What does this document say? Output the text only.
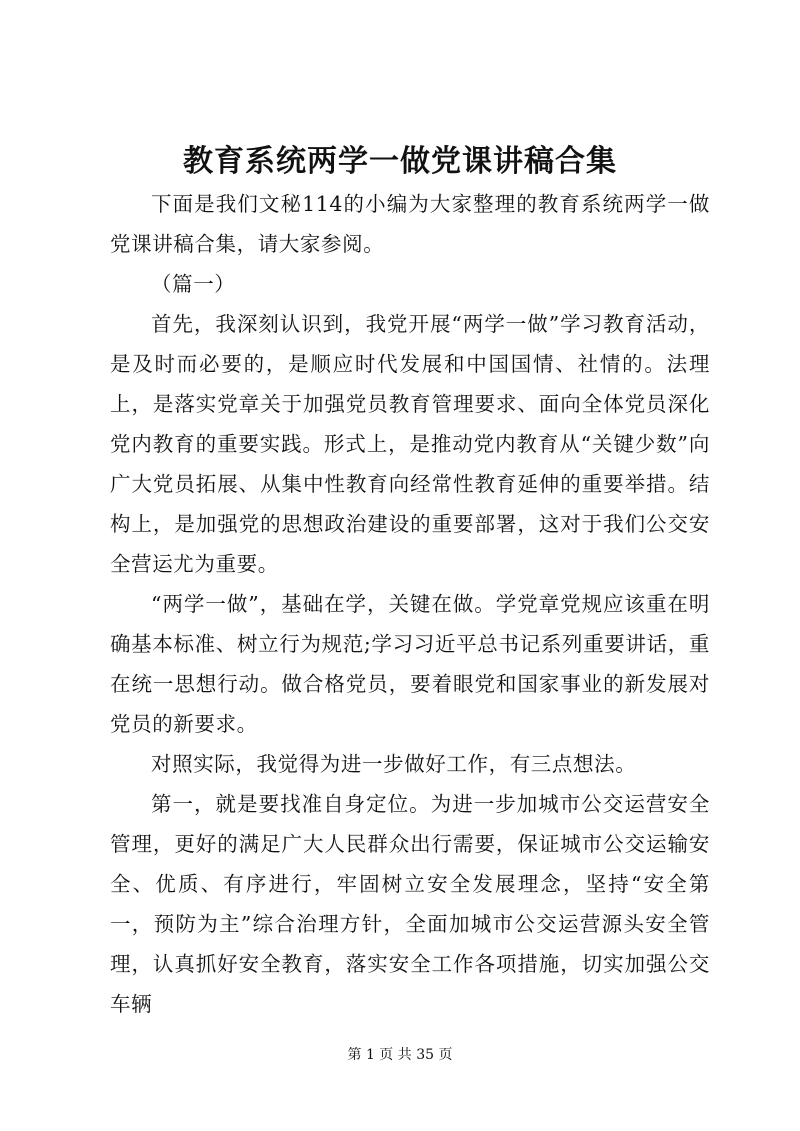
教育系统两学一做党课讲稿合集

下面是我们文秘114的小编为大家整理的教育系统两学一做党课讲稿合集，请大家参阅。

（篇一）

首先，我深刻认识到，我党开展“两学一做”学习教育活动，是及时而必要的，是顺应时代发展和中国国情、社情的。法理上，是落实党章关于加强党员教育管理要求、面向全体党员深化党内教育的重要实践。形式上，是推动党内教育从“关键少数”向广大党员拓展、从集中性教育向经常性教育延伸的重要举措。结构上，是加强党的思想政治建设的重要部署，这对于我们公交安全营运尤为重要。

“两学一做”，基础在学，关键在做。学党章党规应该重在明确基本标准、树立行为规范;学习习近平总书记系列重要讲话，重在统一思想行动。做合格党员，要着眼党和国家事业的新发展对党员的新要求。

对照实际，我觉得为进一步做好工作，有三点想法。

第一，就是要找准自身定位。为进一步加城市公交运营安全管理，更好的满足广大人民群众出行需要，保证城市公交运输安全、优质、有序进行，牢固树立安全发展理念，坚持“安全第一，预防为主”综合治理方针，全面加城市公交运营源头安全管理，认真抓好安全教育，落实安全工作各项措施，切实加强公交车辆

第 1 页 共 35 页
